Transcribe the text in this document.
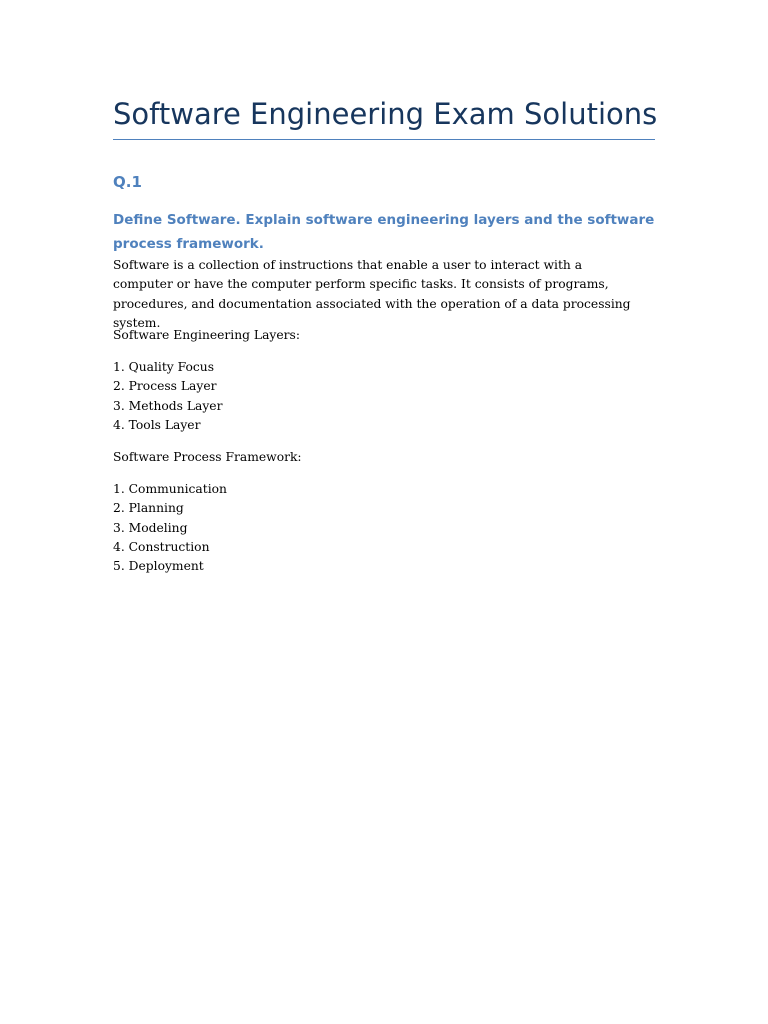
Software Engineering Exam Solutions
Q.1
Define Software. Explain software engineering layers and the software process framework.
Software is a collection of instructions that enable a user to interact with a computer or have the computer perform specific tasks. It consists of programs, procedures, and documentation associated with the operation of a data processing system.
Software Engineering Layers:
1. Quality Focus
2. Process Layer
3. Methods Layer
4. Tools Layer
Software Process Framework:
1. Communication
2. Planning
3. Modeling
4. Construction
5. Deployment
